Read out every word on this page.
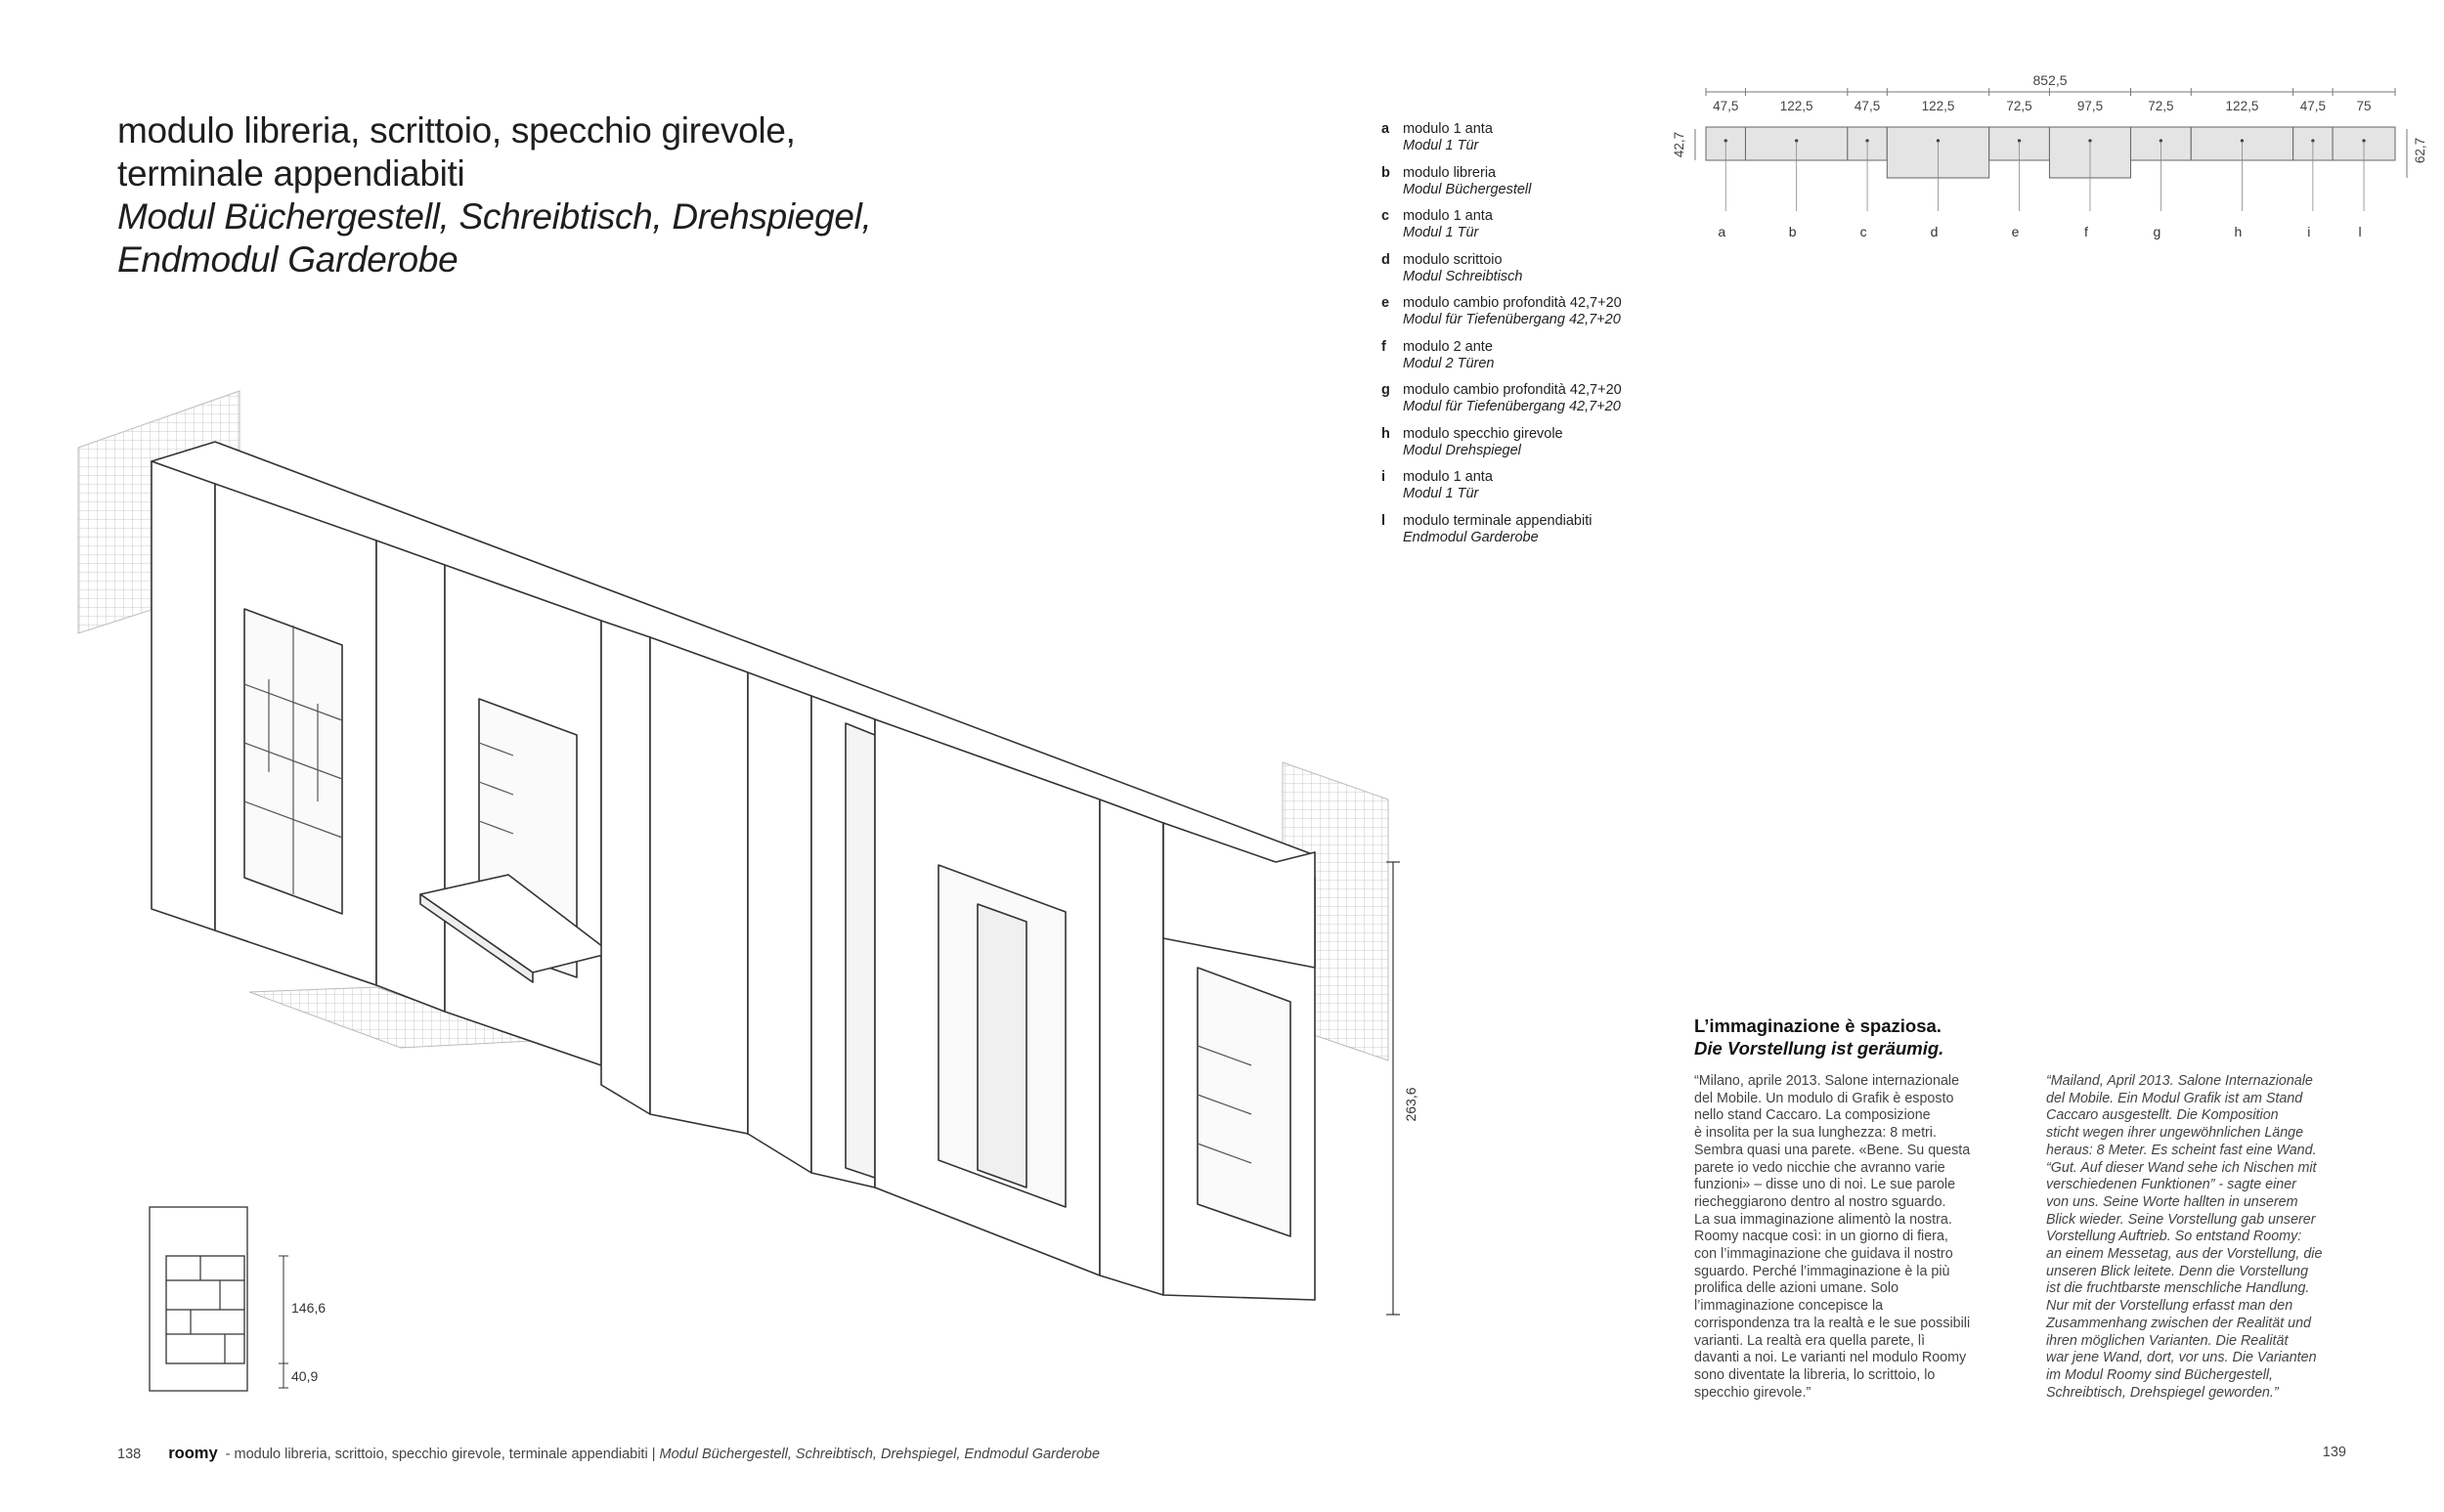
modulo libreria, scrittoio, specchio girevole,
terminale appendiabiti
Modul Büchergestell, Schreibtisch, Drehspiegel,
Endmodul Garderobe
263,6
146,6
40,9
a modulo 1 anta
Modul 1 Tür
b modulo libreria
Modul Büchergestell
c modulo 1 anta
Modul 1 Tür
d modulo scrittoio
Modul Schreibtisch
e modulo cambio profondità 42,7+20
Modul für Tiefenübergang 42,7+20
f	modulo 2 ante
Modul 2 Türen
g modulo cambio profondità 42,7+20
Modul für Tiefenübergang 42,7+20
h modulo specchio girevole
Modul Drehspiegel
i	modulo 1 anta
Modul 1 Tür
l	modulo terminale appendiabiti
Endmodul Garderobe
852,5
42,7	62,7
47,5
a
122,5
b
47,5
c
122,5
d
72,5
e
97,5
f
72,5
g
122,5
h
47,5
i
75
l
L’immaginazione è spaziosa.
Die Vorstellung ist geräumig.
“Milano, aprile 2013. Salone internazionale
del Mobile. Un modulo di Grafik è esposto
nello stand Caccaro. La composizione
è insolita per la sua lunghezza: 8 metri.
Sembra quasi una parete. «Bene. Su questa
parete io vedo nicchie che avranno varie
funzioni» – disse uno di noi. Le sue parole
riecheggiarono dentro al nostro sguardo.
La sua immaginazione alimentò la nostra.
Roomy nacque così: in un giorno di fiera,
con l’immaginazione che guidava il nostro
sguardo. Perché l’immaginazione è la più
prolifica delle azioni umane. Solo
l’immaginazione concepisce la
corrispondenza tra la realtà e le sue possibili
varianti. La realtà era quella parete, lì
davanti a noi. Le varianti nel modulo Roomy
sono diventate la libreria, lo scrittoio, lo
specchio girevole.”
“Mailand, April 2013. Salone Internazionale
del Mobile. Ein Modul Grafik ist am Stand
Caccaro ausgestellt. Die Komposition
sticht wegen ihrer ungewöhnlichen Länge
heraus: 8 Meter. Es scheint fast eine Wand.
“Gut. Auf dieser Wand sehe ich Nischen mit
verschiedenen Funktionen” - sagte einer
von uns. Seine Worte hallten in unserem
Blick wieder. Seine Vorstellung gab unserer
Vorstellung Auftrieb. So entstand Roomy:
an einem Messetag, aus der Vorstellung, die
unseren Blick leitete. Denn die Vorstellung
ist die fruchtbarste menschliche Handlung.
Nur mit der Vorstellung erfasst man den
Zusammenhang zwischen der Realität und
ihren möglichen Varianten. Die Realität
war jene Wand, dort, vor uns. Die Varianten
im Modul Roomy sind Büchergestell,
Schreibtisch, Drehspiegel geworden.”
138 roomy - modulo libreria, scrittoio, specchio girevole, terminale appendiabiti | Modul Büchergestell, Schreibtisch, Drehspiegel, Endmodul Garderobe	139
